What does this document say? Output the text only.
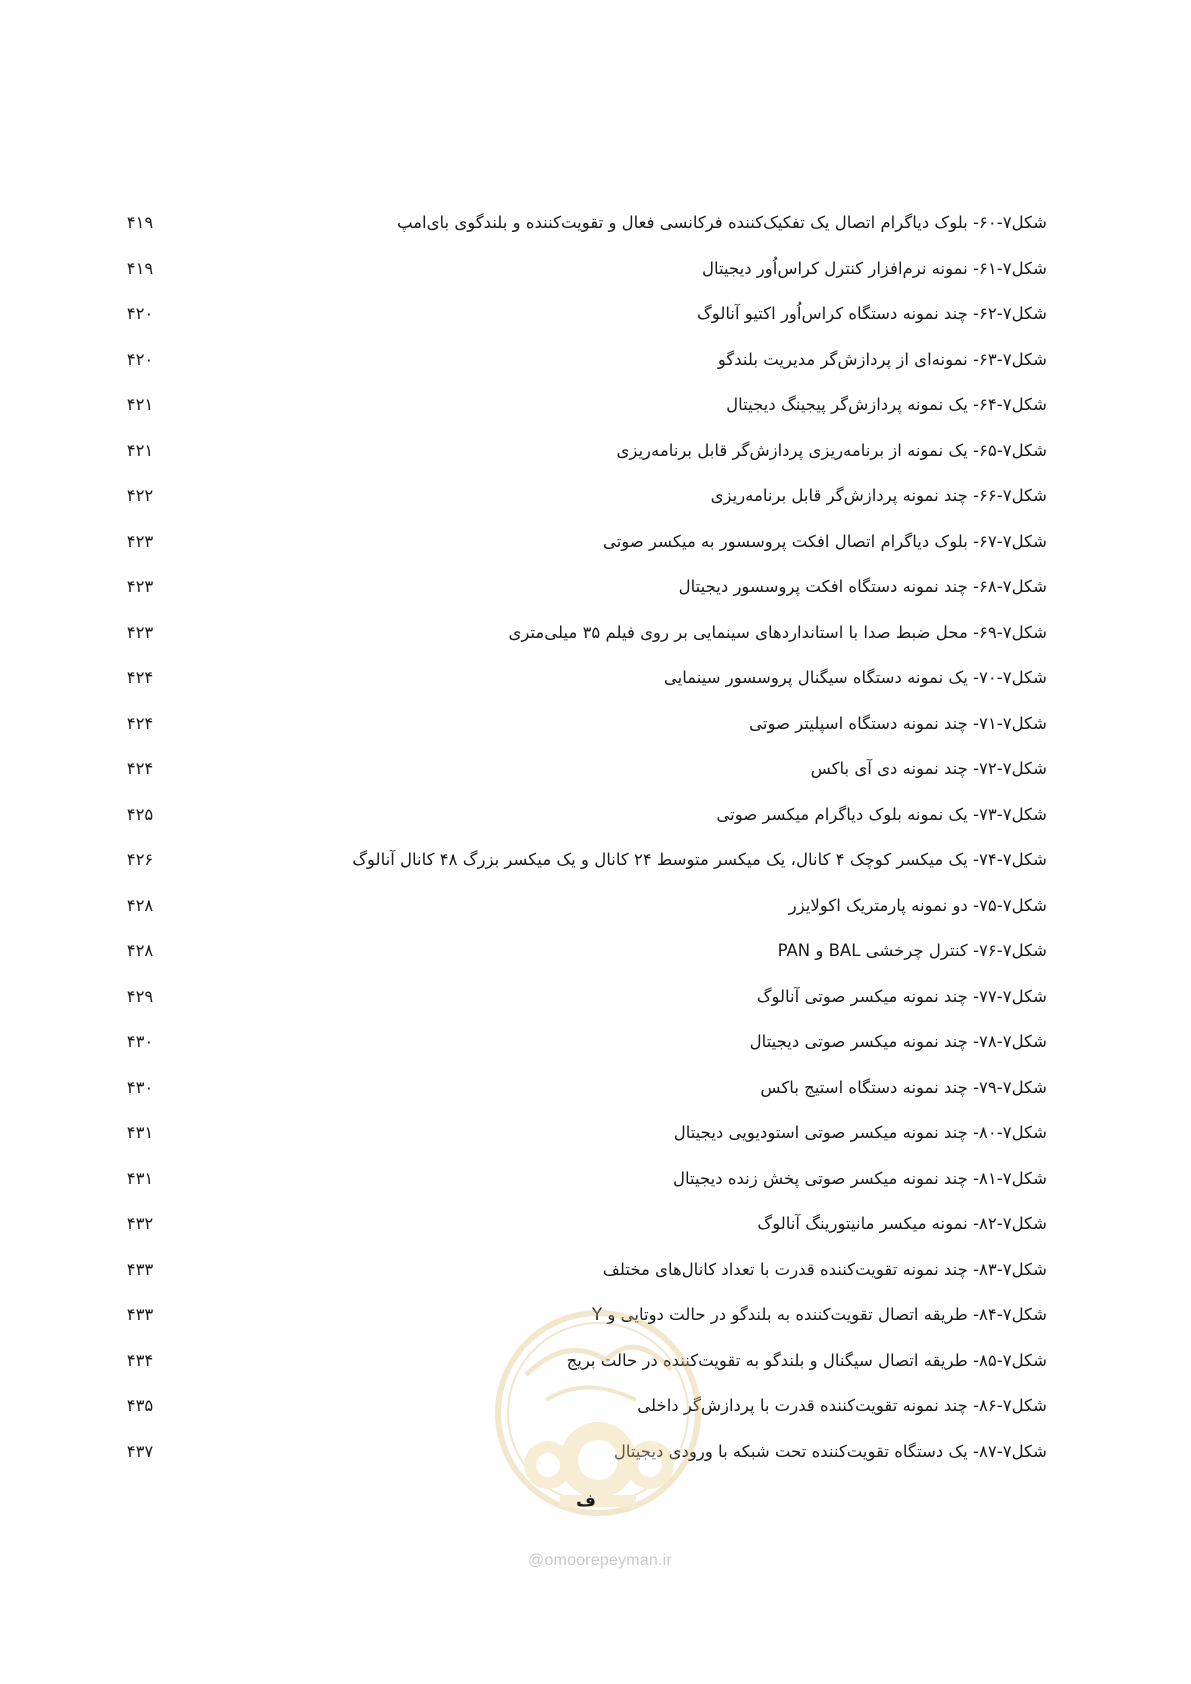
شکل۷-۶۰- بلوک دیاگرام اتصال یک تفکیک‌کننده فرکانسی فعال و تقویت‌کننده و بلندگوی بای‌امپ
۴۱۹
شکل۷-۶۱- نمونه نرم‌افزار کنترل کراس‌اُور دیجیتال
۴۱۹
شکل۷-۶۲- چند نمونه دستگاه کراس‌اُور اکتیو آنالوگ
۴۲۰
شکل۷-۶۳- نمونه‌ای از پردازش‌گر مدیریت بلندگو
۴۲۰
شکل۷-۶۴- یک نمونه پردازش‌گر پیجینگ دیجیتال
۴۲۱
شکل۷-۶۵- یک نمونه از برنامه‌ریزی پردازش‌گر قابل برنامه‌ریزی
۴۲۱
شکل۷-۶۶- چند نمونه پردازش‌گر قابل برنامه‌ریزی
۴۲۲
شکل۷-۶۷- بلوک دیاگرام اتصال افکت پروسسور به میکسر صوتی
۴۲۳
شکل۷-۶۸- چند نمونه دستگاه افکت پروسسور دیجیتال
۴۲۳
شکل۷-۶۹- محل ضبط صدا با استانداردهای سینمایی بر روی فیلم ۳۵ میلی‌متری
۴۲۳
شکل۷-۷۰- یک نمونه دستگاه سیگنال پروسسور سینمایی
۴۲۴
شکل۷-۷۱- چند نمونه دستگاه اسپلیتر صوتی
۴۲۴
شکل۷-۷۲- چند نمونه دی آی باکس
۴۲۴
شکل۷-۷۳- یک نمونه بلوک دیاگرام میکسر صوتی
۴۲۵
شکل۷-۷۴- یک میکسر کوچک ۴ کانال، یک میکسر متوسط ۲۴ کانال و یک میکسر بزرگ ۴۸ کانال آنالوگ
۴۲۶
شکل۷-۷۵- دو نمونه پارمتریک اکولایزر
۴۲۸
شکل۷-۷۶- کنترل چرخشی BAL و PAN
۴۲۸
شکل۷-۷۷- چند نمونه میکسر صوتی آنالوگ
۴۲۹
شکل۷-۷۸- چند نمونه میکسر صوتی دیجیتال
۴۳۰
شکل۷-۷۹- چند نمونه دستگاه استیج باکس
۴۳۰
شکل۷-۸۰- چند نمونه میکسر صوتی استودیویی دیجیتال
۴۳۱
شکل۷-۸۱- چند نمونه میکسر صوتی پخش زنده دیجیتال
۴۳۱
شکل۷-۸۲- نمونه میکسر مانیتورینگ آنالوگ
۴۳۲
شکل۷-۸۳- چند نمونه تقویت‌کننده قدرت با تعداد کانال‌های مختلف
۴۳۳
شکل۷-۸۴- طریقه اتصال تقویت‌کننده به بلندگو در حالت دوتایی و Y
۴۳۳
شکل۷-۸۵- طریقه اتصال سیگنال و بلندگو به تقویت‌کننده در حالت بریج
۴۳۴
شکل۷-۸۶- چند نمونه تقویت‌کننده قدرت با پردازش‌گر داخلی
۴۳۵
شکل۷-۸۷- یک دستگاه تقویت‌کننده تحت شبکه با ورودی دیجیتال
۴۳۷
@omoorepeyman.ir
ف
